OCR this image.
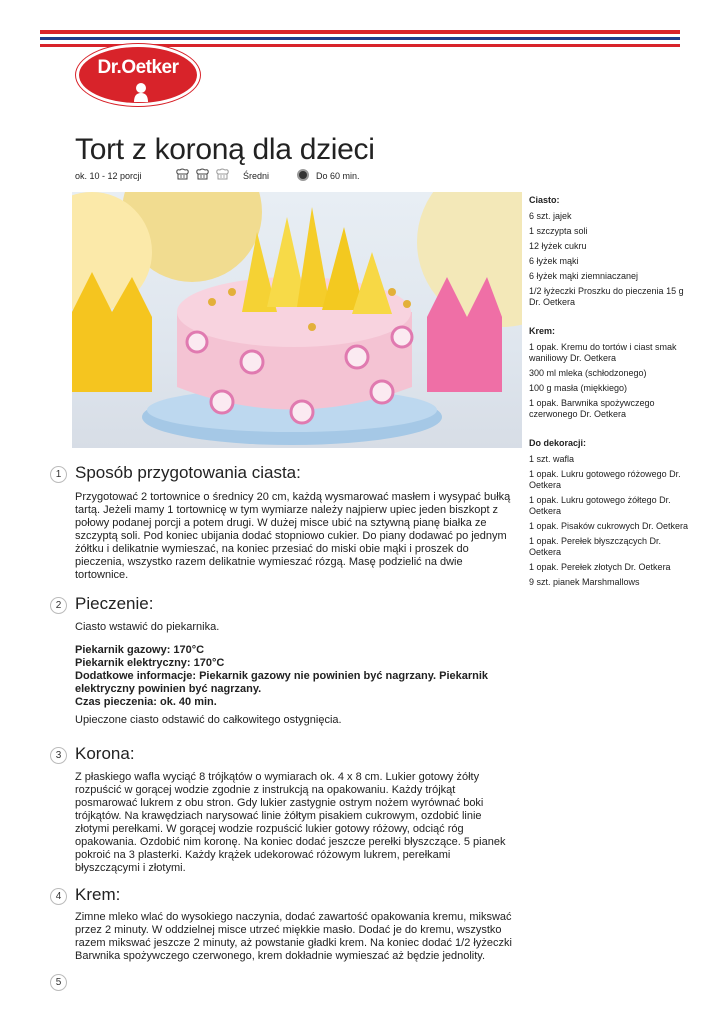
Dr.Oetker
Tort z koroną dla dzieci
ok. 10 - 12 porcji	Średni	Do 60 min.
Ciasto:
6 szt. jajek
1 szczypta soli
12 łyżek cukru
6 łyżek mąki
6 łyżek mąki ziemniaczanej
1/2 łyżeczki Proszku do pieczenia 15 g Dr. Oetkera
Krem:
1 opak. Kremu do tortów i ciast smak waniliowy Dr. Oetkera
300 ml mleka (schłodzonego)
100 g masła (miękkiego)
1 opak. Barwnika spożywczego czerwonego Dr. Oetkera
Do dekoracji:
1 szt. wafla
1 opak. Lukru gotowego różowego Dr. Oetkera
1 opak. Lukru gotowego żółtego Dr. Oetkera
1 opak. Pisaków cukrowych Dr. Oetkera
1 opak. Perełek błyszczących Dr. Oetkera
1 opak. Perełek złotych Dr. Oetkera
9 szt. pianek Marshmallows
1 Sposób przygotowania ciasta:
Przygotować 2 tortownice o średnicy 20 cm, każdą wysmarować masłem i wysypać bułką tartą. Jeżeli mamy 1 tortownicę w tym wymiarze należy najpierw upiec jeden biszkopt z połowy podanej porcji a potem drugi. W dużej misce ubić na sztywną pianę białka ze szczyptą soli. Pod koniec ubijania dodać stopniowo cukier. Do piany dodawać po jednym żółtku i delikatnie wymieszać, na koniec przesiać do miski obie mąki i proszek do pieczenia, wszystko razem delikatnie wymieszać rózgą. Masę podzielić na dwie tortownice.
2 Pieczenie:
Ciasto wstawić do piekarnika.
Piekarnik gazowy: 170°C
Piekarnik elektryczny: 170°C
Dodatkowe informacje: Piekarnik gazowy nie powinien być nagrzany. Piekarnik elektryczny powinien być nagrzany.
Czas pieczenia: ok. 40 min.
Upieczone ciasto odstawić do całkowitego ostygnięcia.
3 Korona:
Z płaskiego wafla wyciąć 8 trójkątów o wymiarach ok. 4 x 8 cm. Lukier gotowy żółty rozpuścić w gorącej wodzie zgodnie z instrukcją na opakowaniu. Każdy trójkąt posmarować lukrem z obu stron. Gdy lukier zastygnie ostrym nożem wyrównać boki trójkątów. Na krawędziach narysować linie żółtym pisakiem cukrowym, ozdobić linie złotymi perełkami. W gorącej wodzie rozpuścić lukier gotowy różowy, odciąć róg opakowania. Ozdobić nim koronę. Na koniec dodać jeszcze perełki błyszczące. 5 pianek pokroić na 3 plasterki. Każdy krążek udekorować różowym lukrem, perełkami błyszczącymi i złotymi.
4 Krem:
Zimne mleko wlać do wysokiego naczynia, dodać zawartość opakowania kremu, mikswać przez 2 minuty. W oddzielnej misce utrzeć miękkie masło. Dodać je do kremu, wszystko razem mikswać jeszcze 2 minuty, aż powstanie gładki krem. Na koniec dodać 1/2 łyżeczki Barwnika spożywczego czerwonego, krem dokładnie wymieszać aż będzie jednolity.
5
